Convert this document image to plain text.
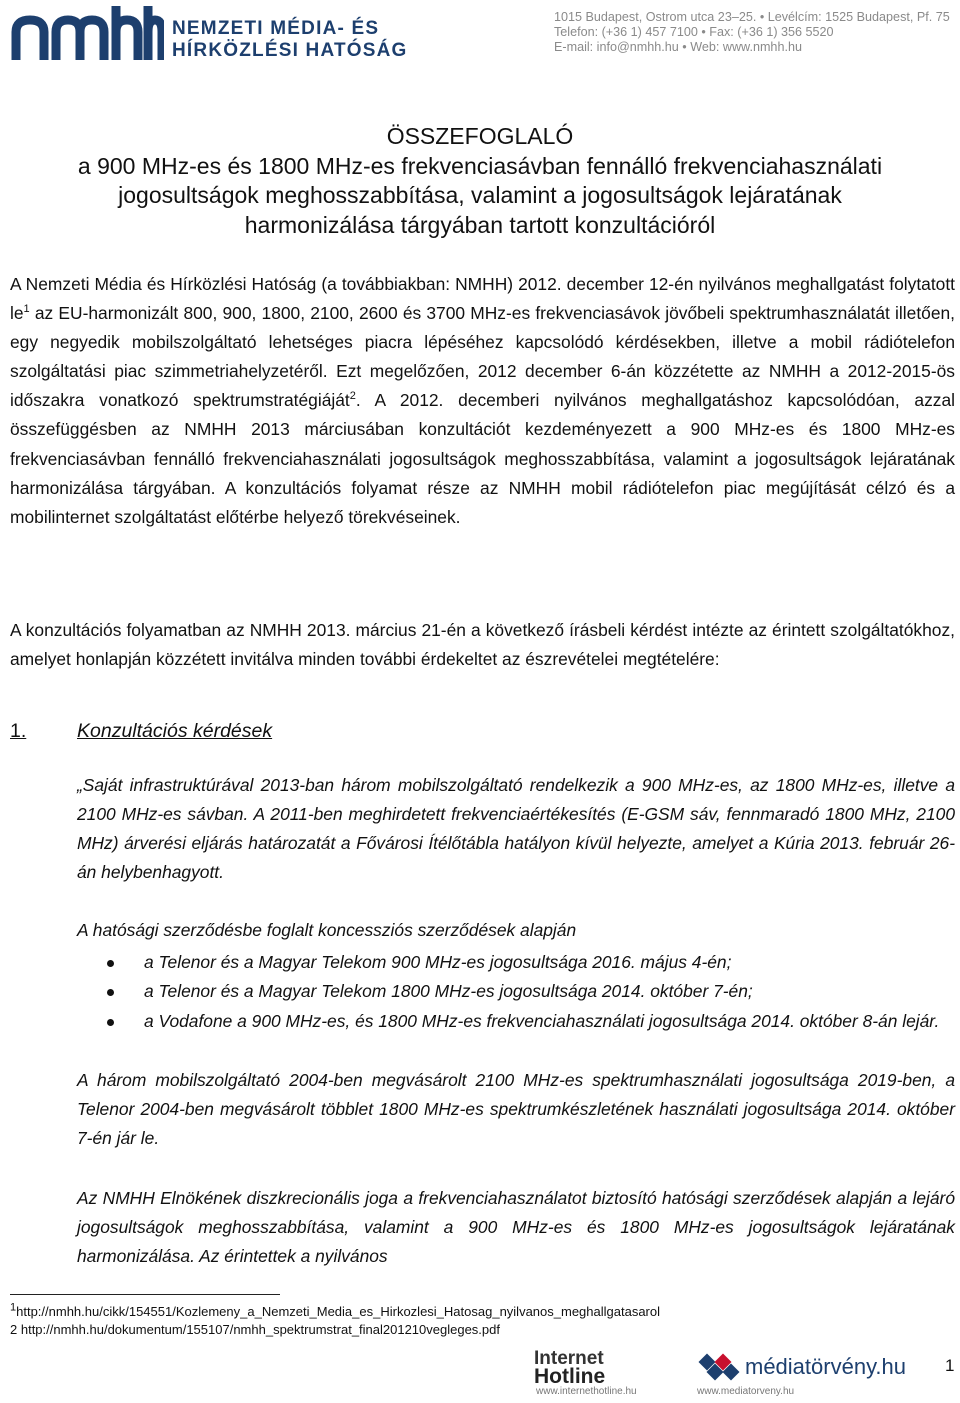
NEMZETI MÉDIA- ÉS
HÍRKÖZLÉSI HATÓSÁG
1015 Budapest, Ostrom utca 23–25. • Levélcím: 1525 Budapest, Pf. 75
Telefon: (+36 1) 457 7100 • Fax: (+36 1) 356 5520
E-mail: info@nmhh.hu • Web: www.nmhh.hu
ÖSSZEFOGLALÓ
a 900 MHz-es és 1800 MHz-es frekvenciasávban fennálló frekvenciahasználati
jogosultságok meghosszabbítása, valamint a jogosultságok lejáratának
harmonizálása tárgyában tartott konzultációról
A Nemzeti Média és Hírközlési Hatóság (a továbbiakban: NMHH) 2012. december 12-én nyilvános meghallgatást folytatott $le^1$ az EU-harmonizált 800, 900, 1800, 2100, 2600 és 3700 MHz-es frekvenciasávok jövőbeli spektrumhasználatát illetően, egy negyedik mobilszolgáltató lehetséges piacra lépéséhez kapcsolódó kérdésekben, illetve a mobil rádiótelefon szolgáltatási piac szimmetriahelyzetéről. Ezt megelőzően, 2012 december 6-án közzétette az NMHH a 2012-2015-ös időszakra vonatkozó spektrumstratégiáját$^2$. A 2012. decemberi nyilvános meghallgatáshoz kapcsolódóan, azzal összefüggésben az NMHH 2013 márciusában konzultációt kezdeményezett a 900 MHz-es és 1800 MHz-es frekvenciasávban fennálló frekvenciahasználati jogosultságok meghosszabbítása, valamint a jogosultságok lejáratának harmonizálása tárgyában. A konzultációs folyamat része az NMHH mobil rádiótelefon piac megújítását célzó és a mobilinternet szolgáltatást előtérbe helyező törekvéseinek.
A konzultációs folyamatban az NMHH 2013. március 21-én a következő írásbeli kérdést intézte az érintett szolgáltatókhoz, amelyet honlapján közzétett invitálva minden további érdekeltet az észrevételei megtételére:
1.	Konzultációs kérdések
„Saját infrastruktúrával 2013-ban három mobilszolgáltató rendelkezik a 900 MHz-es, az 1800 MHz-es, illetve a 2100 MHz-es sávban. A 2011-ben meghirdetett frekvenciaértékesítés (E-GSM sáv, fennmaradó 1800 MHz, 2100 MHz) árverési eljárás határozatát a Fővárosi Ítélőtábla hatályon kívül helyezte, amelyet a Kúria 2013. február 26-án helybenhagyott.
A hatósági szerződésbe foglalt koncessziós szerződések alapján
a Telenor és a Magyar Telekom 900 MHz-es jogosultsága 2016. május 4-én;
a Telenor és a Magyar Telekom 1800 MHz-es jogosultsága 2014. október 7-én;
a Vodafone a 900 MHz-es, és 1800 MHz-es frekvenciahasználati jogosultsága 2014. október 8-án lejár.
A három mobilszolgáltató 2004-ben megvásárolt 2100 MHz-es spektrumhasználati jogosultsága 2019-ben, a Telenor 2004-ben megvásárolt többlet 1800 MHz-es spektrumkészletének használati jogosultsága 2014. október 7-én jár le.
Az NMHH Elnökének diszkrecionális joga a frekvenciahasználatot biztosító hatósági szerződések alapján a lejáró jogosultságok meghosszabbítása, valamint a 900 MHz-es és 1800 MHz-es jogosultságok lejáratának harmonizálása. Az érintettek a nyilvános
$^1$http://nmhh.hu/cikk/154551/Kozlemeny_a_Nemzeti_Media_es_Hirkozlesi_Hatosag_nyilvanos_meghallgatasarol
2 http://nmhh.hu/dokumentum/155107/nmhh_spektrumstrat_final201210vegleges.pdf
Internet
Hotline
www.internethotline.hu
médiatörvény.hu
www.mediatorveny.hu
1
